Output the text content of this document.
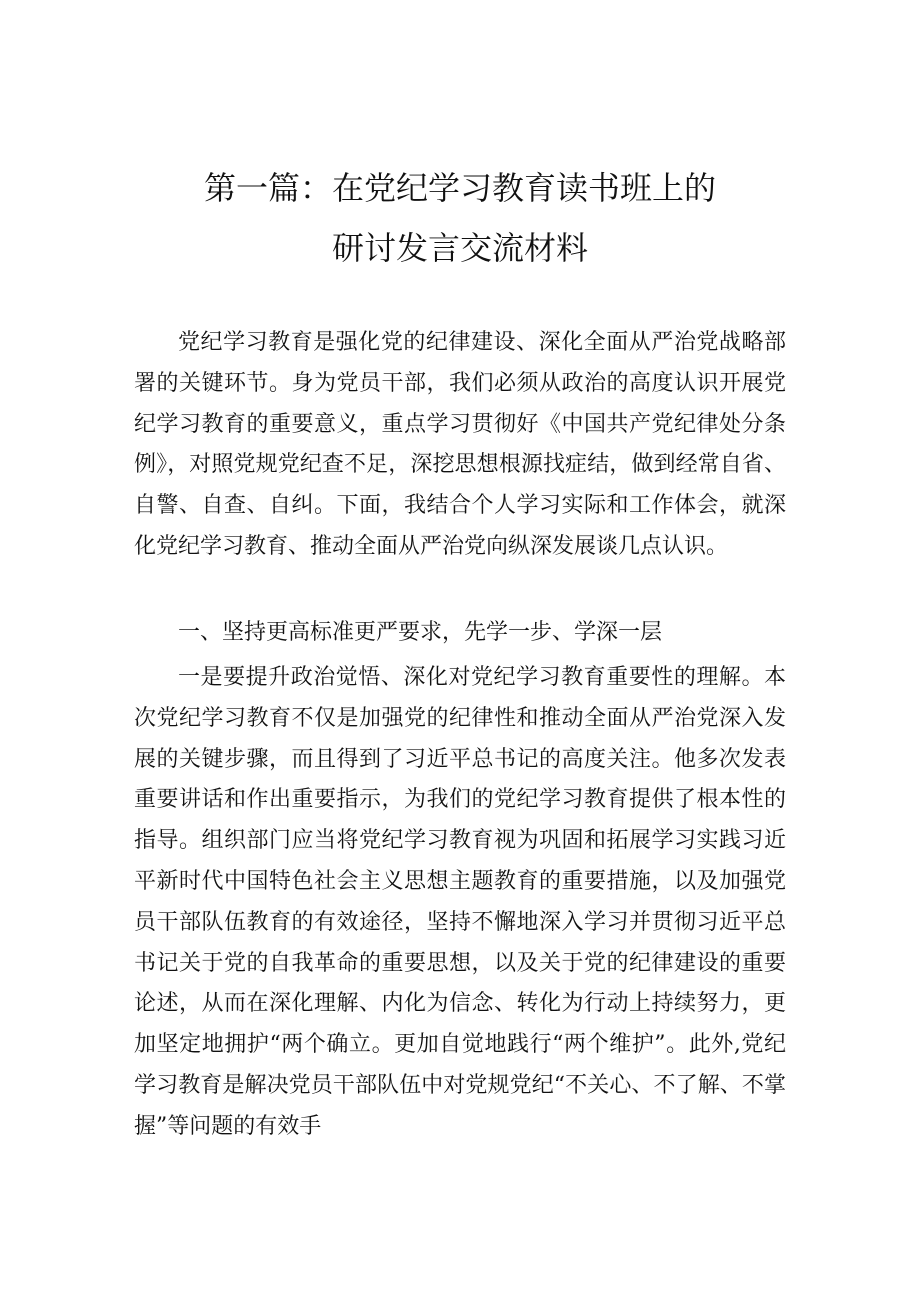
第一篇：在党纪学习教育读书班上的
研讨发言交流材料

党纪学习教育是强化党的纪律建设、深化全面从严治党战略部署的关键环节。身为党员干部，我们必须从政治的高度认识开展党纪学习教育的重要意义，重点学习贯彻好《中国共产党纪律处分条例》，对照党规党纪查不足，深挖思想根源找症结，做到经常自省、自警、自查、自纠。下面，我结合个人学习实际和工作体会，就深化党纪学习教育、推动全面从严治党向纵深发展谈几点认识。

一、坚持更高标准更严要求，先学一步、学深一层

一是要提升政治觉悟、深化对党纪学习教育重要性的理解。本次党纪学习教育不仅是加强党的纪律性和推动全面从严治党深入发展的关键步骤，而且得到了习近平总书记的高度关注。他多次发表重要讲话和作出重要指示，为我们的党纪学习教育提供了根本性的指导。组织部门应当将党纪学习教育视为巩固和拓展学习实践习近平新时代中国特色社会主义思想主题教育的重要措施，以及加强党员干部队伍教育的有效途径，坚持不懈地深入学习并贯彻习近平总书记关于党的自我革命的重要思想，以及关于党的纪律建设的重要论述，从而在深化理解、内化为信念、转化为行动上持续努力，更加坚定地拥护“两个确立。更加自觉地践行“两个维护”。此外,党纪学习教育是解决党员干部队伍中对党规党纪“不关心、不了解、不掌握”等问题的有效手
